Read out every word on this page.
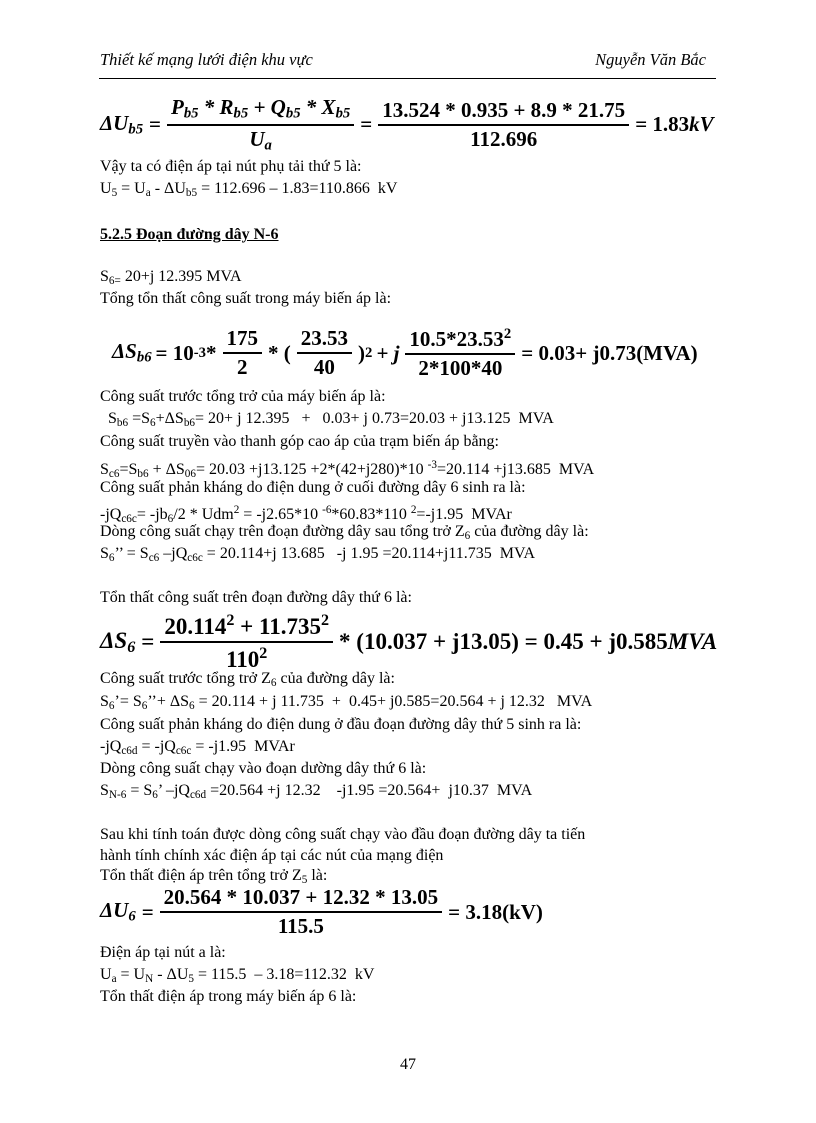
Thiết kế mạng lưới điện khu vực	Nguyễn Văn Bắc
$\Delta U_{b5} = \frac{P_{b5} * R_{b5} + Q_{b5} * X_{b5}}{U_a} = \frac{13.524 * 0.935 + 8.9 * 21.75}{112.696} = 1.83$ kV
Vậy ta có điện áp tại nút phụ tải thứ 5 là:
$U_5 = U_a - \Delta U_{b5} = 112.696 - 1.83=110.866$  kV
5.2.5 Đoạn đường dây N-6
$S_{6=}$ 20+j 12.395 MVA
Tổng tổn thất công suất trong máy biến áp là:
$\Delta S_{b6} = 10$ $-3 * \frac{175}{2}$ * ( $\frac{23.53}{40}$ ) 2 + j $\frac{10.5*23.53^2}{2*100*40} = 0.03+ j0.73(MVA)$
Công suất trước tổng trở của máy biến áp là:
$S_{b6} =S_6+\Delta S_{b6}= 20+ j$ 12.395   +   0.03+ j 0.73=20.03 + j13.125  MVA
Công suất truyền vào thanh góp cao áp của trạm biến áp bằng:
$S_{c6}=S_{b6} + \Delta S_{06}= 20.03 +j13.125 +2*(42+j280)*10$ $^{-3}$=20.114 +j13.685  MVA
Công suất phản kháng do điện dung ở cuối đường dây 6 sinh ra là:
$-jQ_{c6c}= -jb_6/2 * Udm^2 = -j2.65*10$ $^{-6}$*60.83*110 $^2$=-j1.95  MVAr
Dòng công suất chạy trên đoạn đường dây sau tổng trở $Z_6$ của đường dây là:
$S_6$’’ = $S_{c6}$ $-jQ_{c6c} = 20.114+j$ 13.685   -j 1.95 =20.114+j11.735  MVA
Tổn thất công suất trên đoạn đường dây thứ 6 là:
$\Delta S_6 = \frac{20.114^2 + 11.735^2}{110^2} * (10.037 + j13.05) = 0.45 + j0.585$ MVA
Công suất trước tổng trở $Z_6$ của đường dây là:
$S_6’=$ $S_6’’+ \Delta S_6 = 20.114 + j$ 11.735  +  0.45+ j0.585=20.564 + j 12.32   MVA
Công suất phản kháng do điện dung ở đầu đoạn đường dây thứ 5 sinh ra là:
$-jQ_{c6d} = -jQ_{c6c} = -j1.95$  MVAr
Dòng công suất chạy vào đoạn dường dây thứ 6 là:
$S_{N-6} = S_6$’ $-jQ_{c6d} =20.564 +j$ 12.32    -j1.95 =20.564+  j10.37  MVA
Sau khi tính toán được dòng công suất chạy vào đầu đoạn đường dây ta tiến
hành tính chính xác điện áp tại các nút của mạng điện
Tổn thất điện áp trên tổng trở $Z_5$ là:
$\Delta U_6 = \frac{20.564 * 10.037 + 12.32 * 13.05}{115.5} = 3.18(kV)$
Điện áp tại nút a là:
$U_a = U_N - \Delta U_5 = 115.5 - 3.18=112.32$  kV
Tổn thất điện áp trong máy biến áp 6 là:
47
